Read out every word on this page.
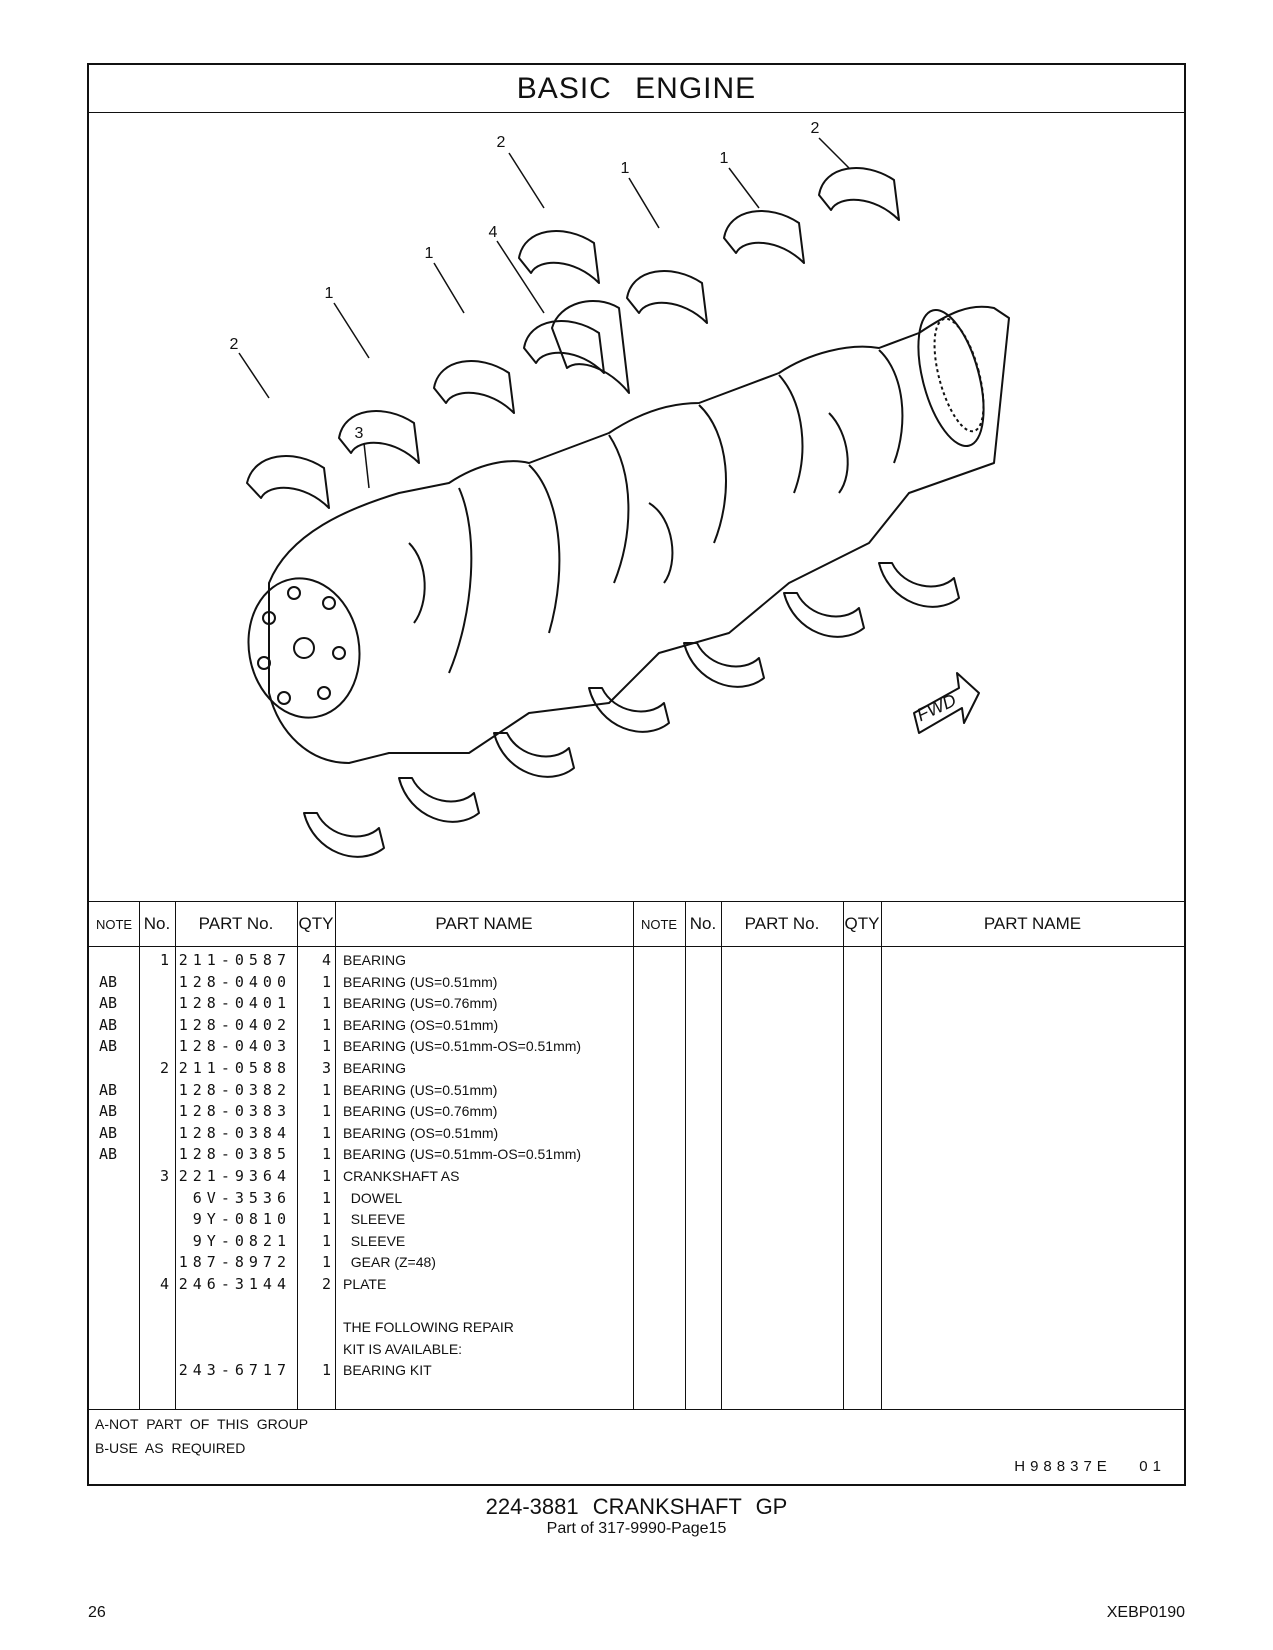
BASIC ENGINE
2
2
1
1
4
1
1
2
3
FWD
NOTE No.	PART No.	QTY	PART NAME	NOTE No.	PART No.	QTY	PART NAME
1 211-0587	4 BEARING
AB	128-0400	1 BEARING (US=0.51mm)
AB	128-0401	1 BEARING (US=0.76mm)
AB	128-0402	1 BEARING (OS=0.51mm)
AB	128-0403	1 BEARING (US=0.51mm-OS=0.51mm)
2 211-0588	3 BEARING
AB	128-0382	1 BEARING (US=0.51mm)
AB	128-0383	1 BEARING (US=0.76mm)
AB	128-0384	1 BEARING (OS=0.51mm)
AB	128-0385	1 BEARING (US=0.51mm-OS=0.51mm)
3 221-9364	1 CRANKSHAFT AS
6V-3536	1 DOWEL
9Y-0810	1 SLEEVE
9Y-0821	1 SLEEVE
187-8972	1 GEAR (Z=48)
4 246-3144	2 PLATE
THE FOLLOWING REPAIR
KIT IS AVAILABLE:
243-6717	1 BEARING KIT
A-NOT PART OF THIS GROUP
B-USE AS REQUIRED
H98837E   01
224-3881 CRANKSHAFT GP
Part of 317-9990-Page15
26	XEBP0190
